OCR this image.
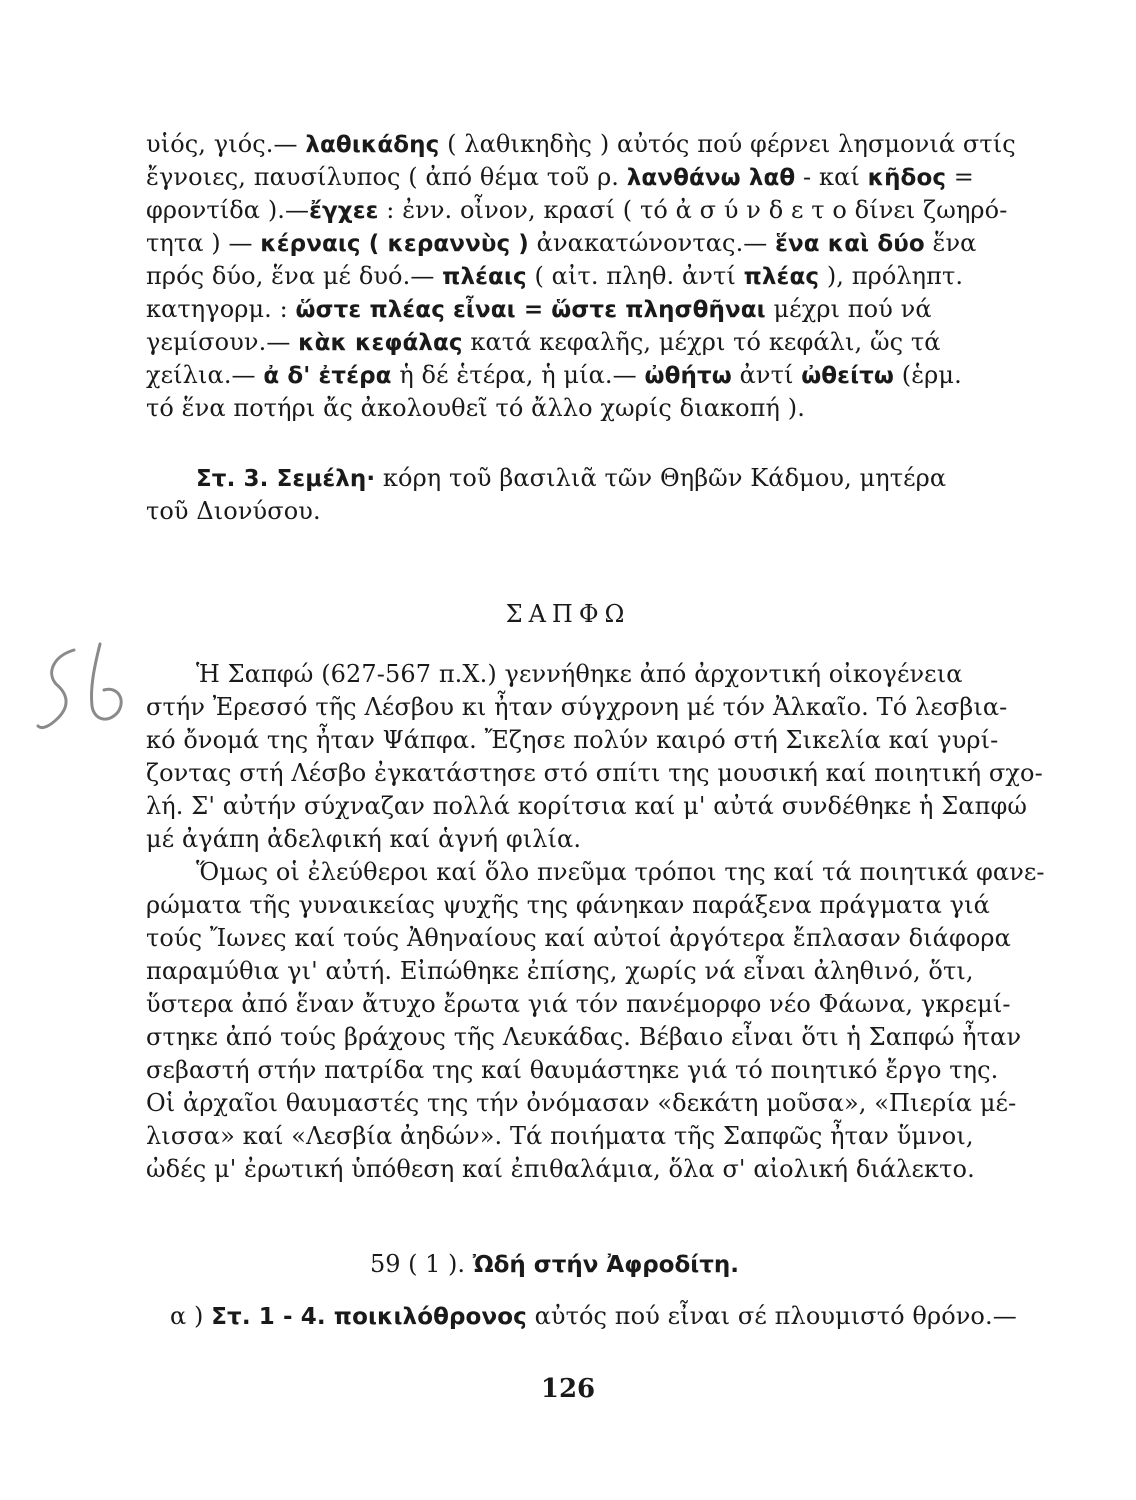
υἱός, γιός.— λαθικάδης ( λαθικηδὴς ) αὐτός πού φέρνει λησμονιά στίς
ἔγνοιες, παυσίλυπος ( ἀπό θέμα τοῦ ρ. λανθάνω λαθ - καί κῆδος =
φροντίδα ).—ἔγχεε : ἐνν. οἶνον, κρασί ( τό ἀ σ ύ ν δ ε τ ο δίνει ζωηρό-
τητα ) — κέρναις ( κεραννὺς ) ἀνακατώνοντας.— ἕνα καὶ δύο ἕνα
πρός δύο, ἕνα μέ δυό.— πλέαις ( αἰτ. πληθ. ἀντί πλέας ), πρόληπτ.
κατηγορμ. : ὥστε πλέας εἶναι = ὥστε πλησθῆναι μέχρι πού νά
γεμίσουν.— κὰκ κεφάλας κατά κεφαλῆς, μέχρι τό κεφάλι, ὥς τά
χείλια.— ἀ δ' ἐτέρα ἡ δέ ἑτέρα, ἡ μία.— ὠθήτω ἀντί ὠθείτω (ἑρμ.
τό ἕνα ποτήρι ἄς ἀκολουθεῖ τό ἄλλο χωρίς διακοπή ).
Στ. 3. Σεμέλη· κόρη τοῦ βασιλιᾶ τῶν Θηβῶν Κάδμου, μητέρα
τοῦ Διονύσου.
ΣΑΠΦΩ
Ἡ Σαπφώ (627-567 π.Χ.) γεννήθηκε ἀπό ἀρχοντική οἰκογένεια
στήν Ἐρεσσό τῆς Λέσβου κι ἦταν σύγχρονη μέ τόν Ἀλκαῖο. Τό λεσβια-
κό ὄνομά της ἦταν Ψάπφα. Ἔζησε πολύν καιρό στή Σικελία καί γυρί-
ζοντας στή Λέσβο ἐγκατάστησε στό σπίτι της μουσική καί ποιητική σχο-
λή. Σ' αὐτήν σύχναζαν πολλά κορίτσια καί μ' αὐτά συνδέθηκε ἡ Σαπφώ
μέ ἀγάπη ἀδελφική καί ἁγνή φιλία.
Ὅμως οἱ ἐλεύθεροι καί ὅλο πνεῦμα τρόποι της καί τά ποιητικά φανε-
ρώματα τῆς γυναικείας ψυχῆς της φάνηκαν παράξενα πράγματα γιά
τούς Ἴωνες καί τούς Ἀθηναίους καί αὐτοί ἀργότερα ἔπλασαν διάφορα
παραμύθια γι' αὐτή. Εἰπώθηκε ἐπίσης, χωρίς νά εἶναι ἀληθινό, ὅτι,
ὕστερα ἀπό ἕναν ἄτυχο ἔρωτα γιά τόν πανέμορφο νέο Φάωνα, γκρεμί-
στηκε ἀπό τούς βράχους τῆς Λευκάδας. Βέβαιο εἶναι ὅτι ἡ Σαπφώ ἦταν
σεβαστή στήν πατρίδα της καί θαυμάστηκε γιά τό ποιητικό ἔργο της.
Οἱ ἀρχαῖοι θαυμαστές της τήν ὀνόμασαν «δεκάτη μοῦσα», «Πιερία μέ-
λισσα» καί «Λεσβία ἀηδών». Τά ποιήματα τῆς Σαπφῶς ἦταν ὕμνοι,
ὠδές μ' ἐρωτική ὑπόθεση καί ἐπιθαλάμια, ὅλα σ' αἰολική διάλεκτο.
59 ( 1 ). Ὠδή στήν Ἀφροδίτη.
α ) Στ. 1 - 4. ποικιλόθρονος αὐτός πού εἶναι σέ πλουμιστό θρόνο.—
126
